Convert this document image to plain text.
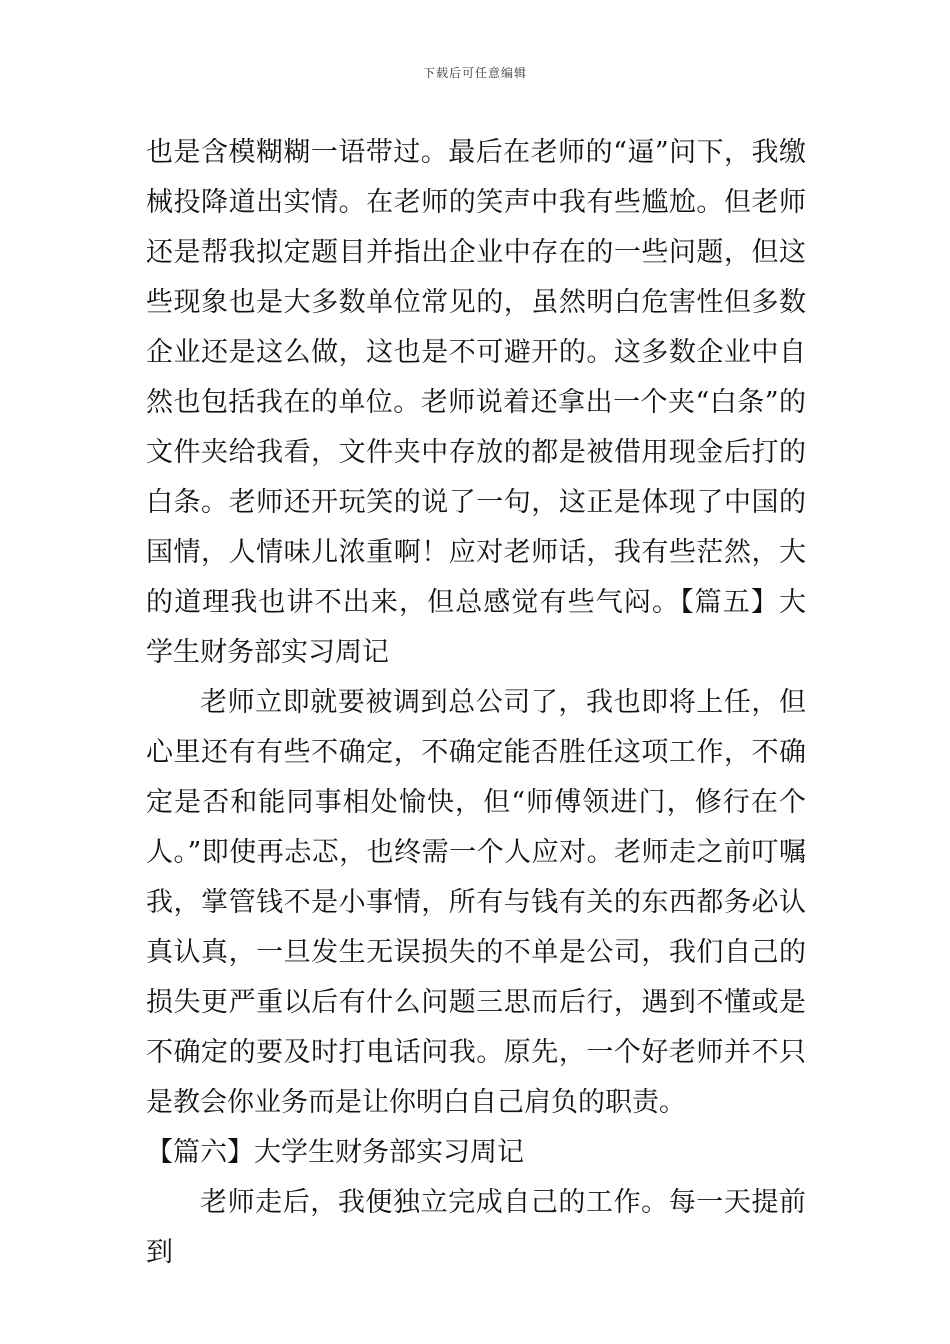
下载后可任意编辑

也是含模糊糊一语带过。最后在老师的“逼”问下，我缴械投降道出实情。在老师的笑声中我有些尴尬。但老师还是帮我拟定题目并指出企业中存在的一些问题，但这些现象也是大多数单位常见的，虽然明白危害性但多数企业还是这么做，这也是不可避开的。这多数企业中自然也包括我在的单位。老师说着还拿出一个夹“白条”的文件夹给我看，文件夹中存放的都是被借用现金后打的白条。老师还开玩笑的说了一句，这正是体现了中国的国情，人情味儿浓重啊！应对老师话，我有些茫然，大的道理我也讲不出来，但总感觉有些气闷。【篇五】大学生财务部实习周记

老师立即就要被调到总公司了，我也即将上任，但心里还有有些不确定，不确定能否胜任这项工作，不确定是否和能同事相处愉快，但“师傅领进门，修行在个人。”即使再忐忑，也终需一个人应对。老师走之前叮嘱我，掌管钱不是小事情，所有与钱有关的东西都务必认真认真，一旦发生无误损失的不单是公司，我们自己的损失更严重以后有什么问题三思而后行，遇到不懂或是不确定的要及时打电话问我。原先，一个好老师并不只是教会你业务而是让你明白自己肩负的职责。

【篇六】大学生财务部实习周记

老师走后，我便独立完成自己的工作。每一天提前到
